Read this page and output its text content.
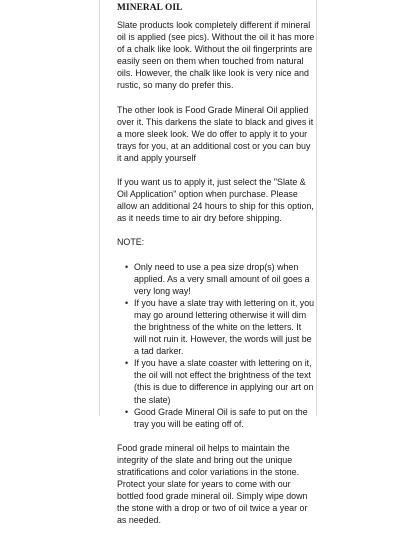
MINERAL OIL

Slate products look completely different if mineral oil is applied (see pics). Without the oil it has more of a chalk like look. Without the oil fingerprints are easily seen on them when touched from natural oils. However, the chalk like look is very nice and rustic, so many do prefer this.

The other look is Food Grade Mineral Oil applied over it. This darkens the slate to black and gives it a more sleek look. We do offer to apply it to your trays for you, at an additional cost or you can buy it and apply yourself

If you want us to apply it, just select the "Slate & Oil Application" option when purchase. Please allow an additional 24 hours to ship for this option, as it needs time to air dry before shipping.

NOTE:

• Only need to use a pea size drop(s) when applied. As a very small amount of oil goes a very long way!
• If you have a slate tray with lettering on it, you may go around lettering otherwise it will dim the brightness of the white on the letters. It will not ruin it. However, the words will just be a tad darker.
• If you have a slate coaster with lettering on it, the oil will not effect the brightness of the text (this is due to difference in applying our art on the slate)
• Good Grade Mineral Oil is safe to put on the tray you will be eating off of.

Food grade mineral oil helps to maintain the integrity of the slate and bring out the unique stratifications and color variations in the stone. Protect your slate for years to come with our bottled food grade mineral oil. Simply wipe down the stone with a drop or two of oil twice a year or as needed.
